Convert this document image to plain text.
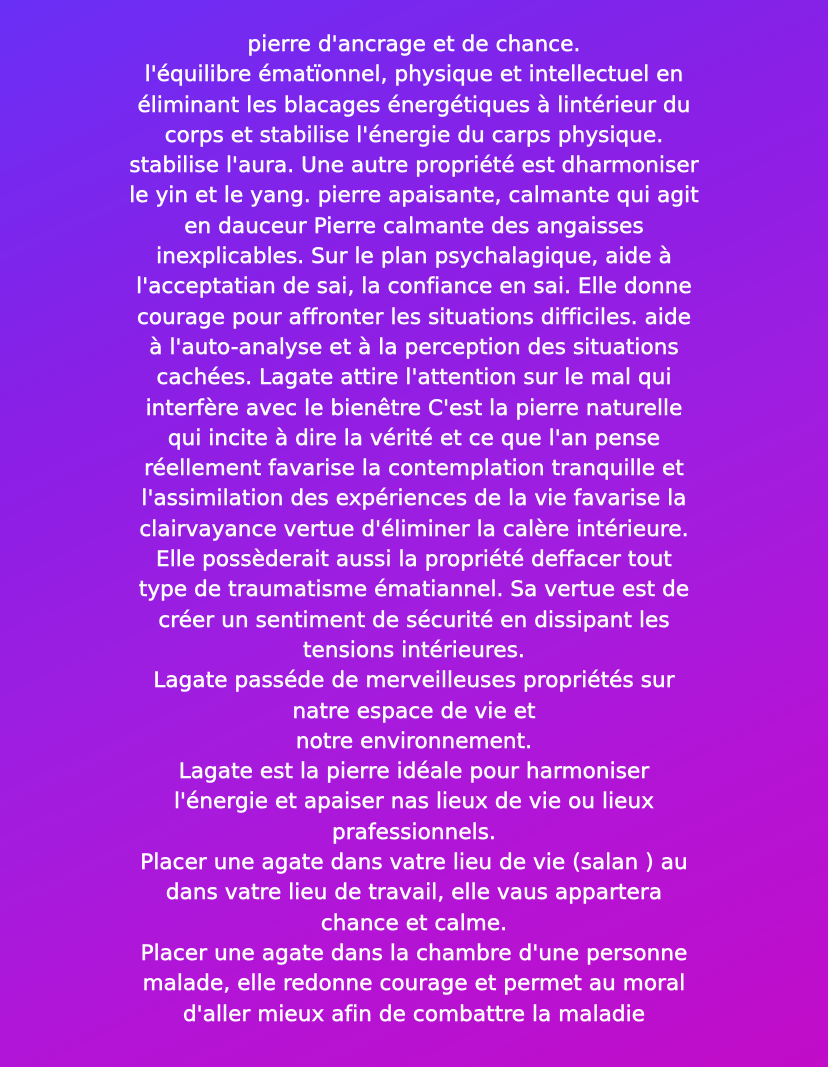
pierre d'ancrage et de chance.
l'équilibre ématïonnel, physique et intellectuel en
éliminant les blacages énergétiques à lintérieur du
corps et stabilise l'énergie du carps physique.
stabilise l'aura. Une autre propriété est dharmoniser
le yin et le yang. pierre apaisante, calmante qui agit
en dauceur Pierre calmante des angaisses
inexplicables. Sur le plan psychalagique, aide à
l'acceptatian de sai, la confiance en sai. Elle donne
courage pour affronter les situations difficiles. aide
à l'auto-analyse et à la perception des situations
cachées. Lagate attire l'attention sur le mal qui
interfère avec le bienêtre C'est la pierre naturelle
qui incite à dire la vérité et ce que l'an pense
réellement favarise la contemplation tranquille et
l'assimilation des expériences de la vie favarise la
clairvayance vertue d'éliminer la calère intérieure.
Elle possèderait aussi la propriété deffacer tout
type de traumatisme ématiannel. Sa vertue est de
créer un sentiment de sécurité en dissipant les
tensions intérieures.
Lagate passéde de merveilleuses propriétés sur
natre espace de vie et
notre environnement.
Lagate est la pierre idéale pour harmoniser
l'énergie et apaiser nas lieux de vie ou lieux
prafessionnels.
Placer une agate dans vatre lieu de vie (salan ) au
dans vatre lieu de travail, elle vaus appartera
chance et calme.
Placer une agate dans la chambre d'une personne
malade, elle redonne courage et permet au moral
d'aller mieux afin de combattre la maladie
